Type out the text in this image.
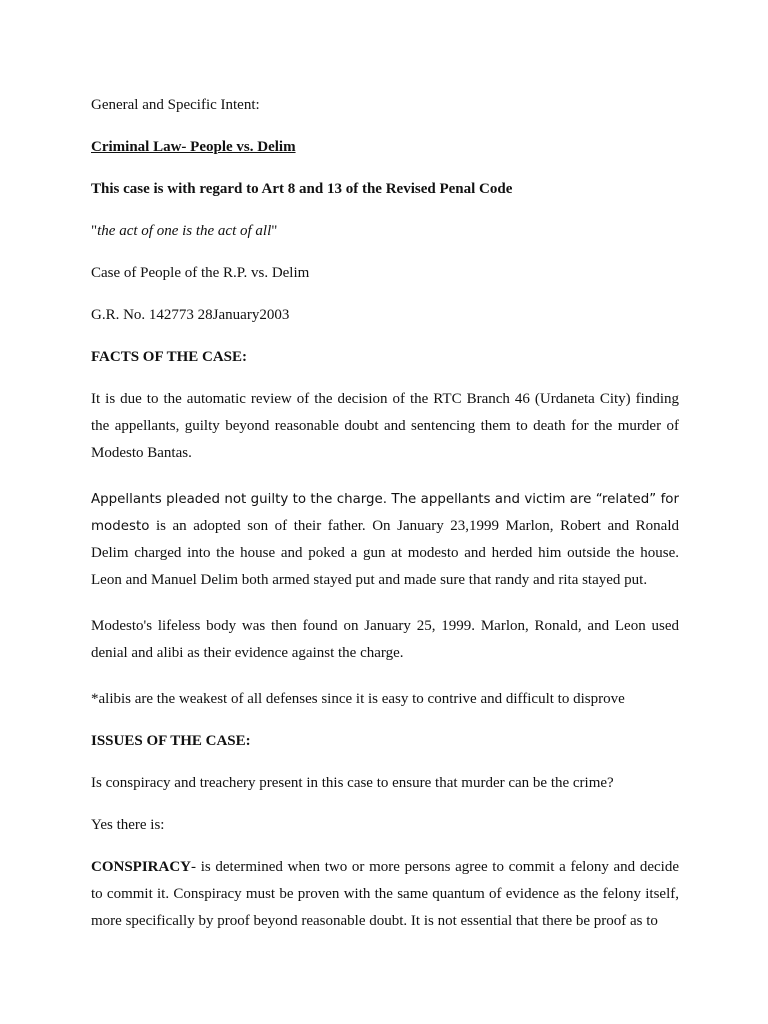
General and Specific Intent:

Criminal Law- People vs. Delim

This case is with regard to Art 8 and 13 of the Revised Penal Code

"the act of one is the act of all"

Case of People of the R.P. vs. Delim

G.R. No. 142773 28January2003

FACTS OF THE CASE:

It is due to the automatic review of the decision of the RTC Branch 46 (Urdaneta City) finding the appellants, guilty beyond reasonable doubt and sentencing them to death for the murder of Modesto Bantas.

Appellants pleaded not guilty to the charge. The appellants and victim are “related” for modesto is an adopted son of their father. On January 23,1999 Marlon, Robert and Ronald Delim charged into the house and poked a gun at modesto and herded him outside the house. Leon and Manuel Delim both armed stayed put and made sure that randy and rita stayed put.

Modesto's lifeless body was then found on January 25, 1999. Marlon, Ronald, and Leon used denial and alibi as their evidence against the charge.

*alibis are the weakest of all defenses since it is easy to contrive and difficult to disprove

ISSUES OF THE CASE:

Is conspiracy and treachery present in this case to ensure that murder can be the crime?

Yes there is:

CONSPIRACY- is determined when two or more persons agree to commit a felony and decide to commit it. Conspiracy must be proven with the same quantum of evidence as the felony itself, more specifically by proof beyond reasonable doubt. It is not essential that there be proof as to
